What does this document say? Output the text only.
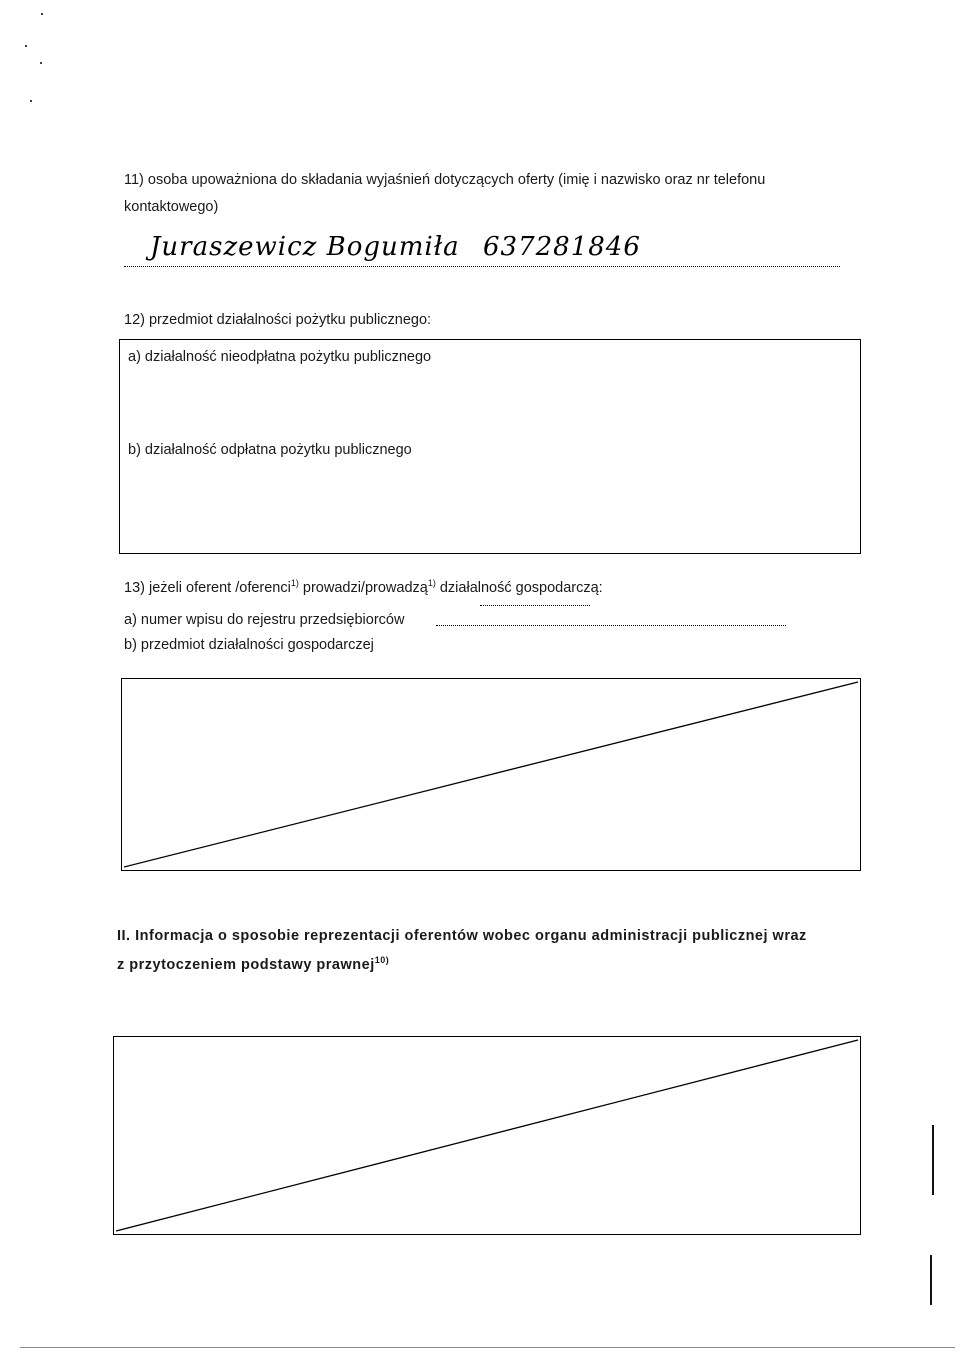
11) osoba upoważniona do składania wyjaśnień dotyczących oferty (imię i nazwisko oraz nr telefonu
kontaktowego)
Juraszewicz Bogumiła 637281846
12) przedmiot działalności pożytku publicznego:
a) działalność nieodpłatna pożytku publicznego
b) działalność odpłatna pożytku publicznego
13) jeżeli oferent /oferenci$^{1)}$ prowadzi/prowadzą$^{1)}$ działalność gospodarczą:
a) numer wpisu do rejestru przedsiębiorców
b) przedmiot działalności gospodarczej
II. Informacja o sposobie reprezentacji oferentów wobec organu administracji publicznej wraz
z przytoczeniem podstawy prawnej$^{10)}$
